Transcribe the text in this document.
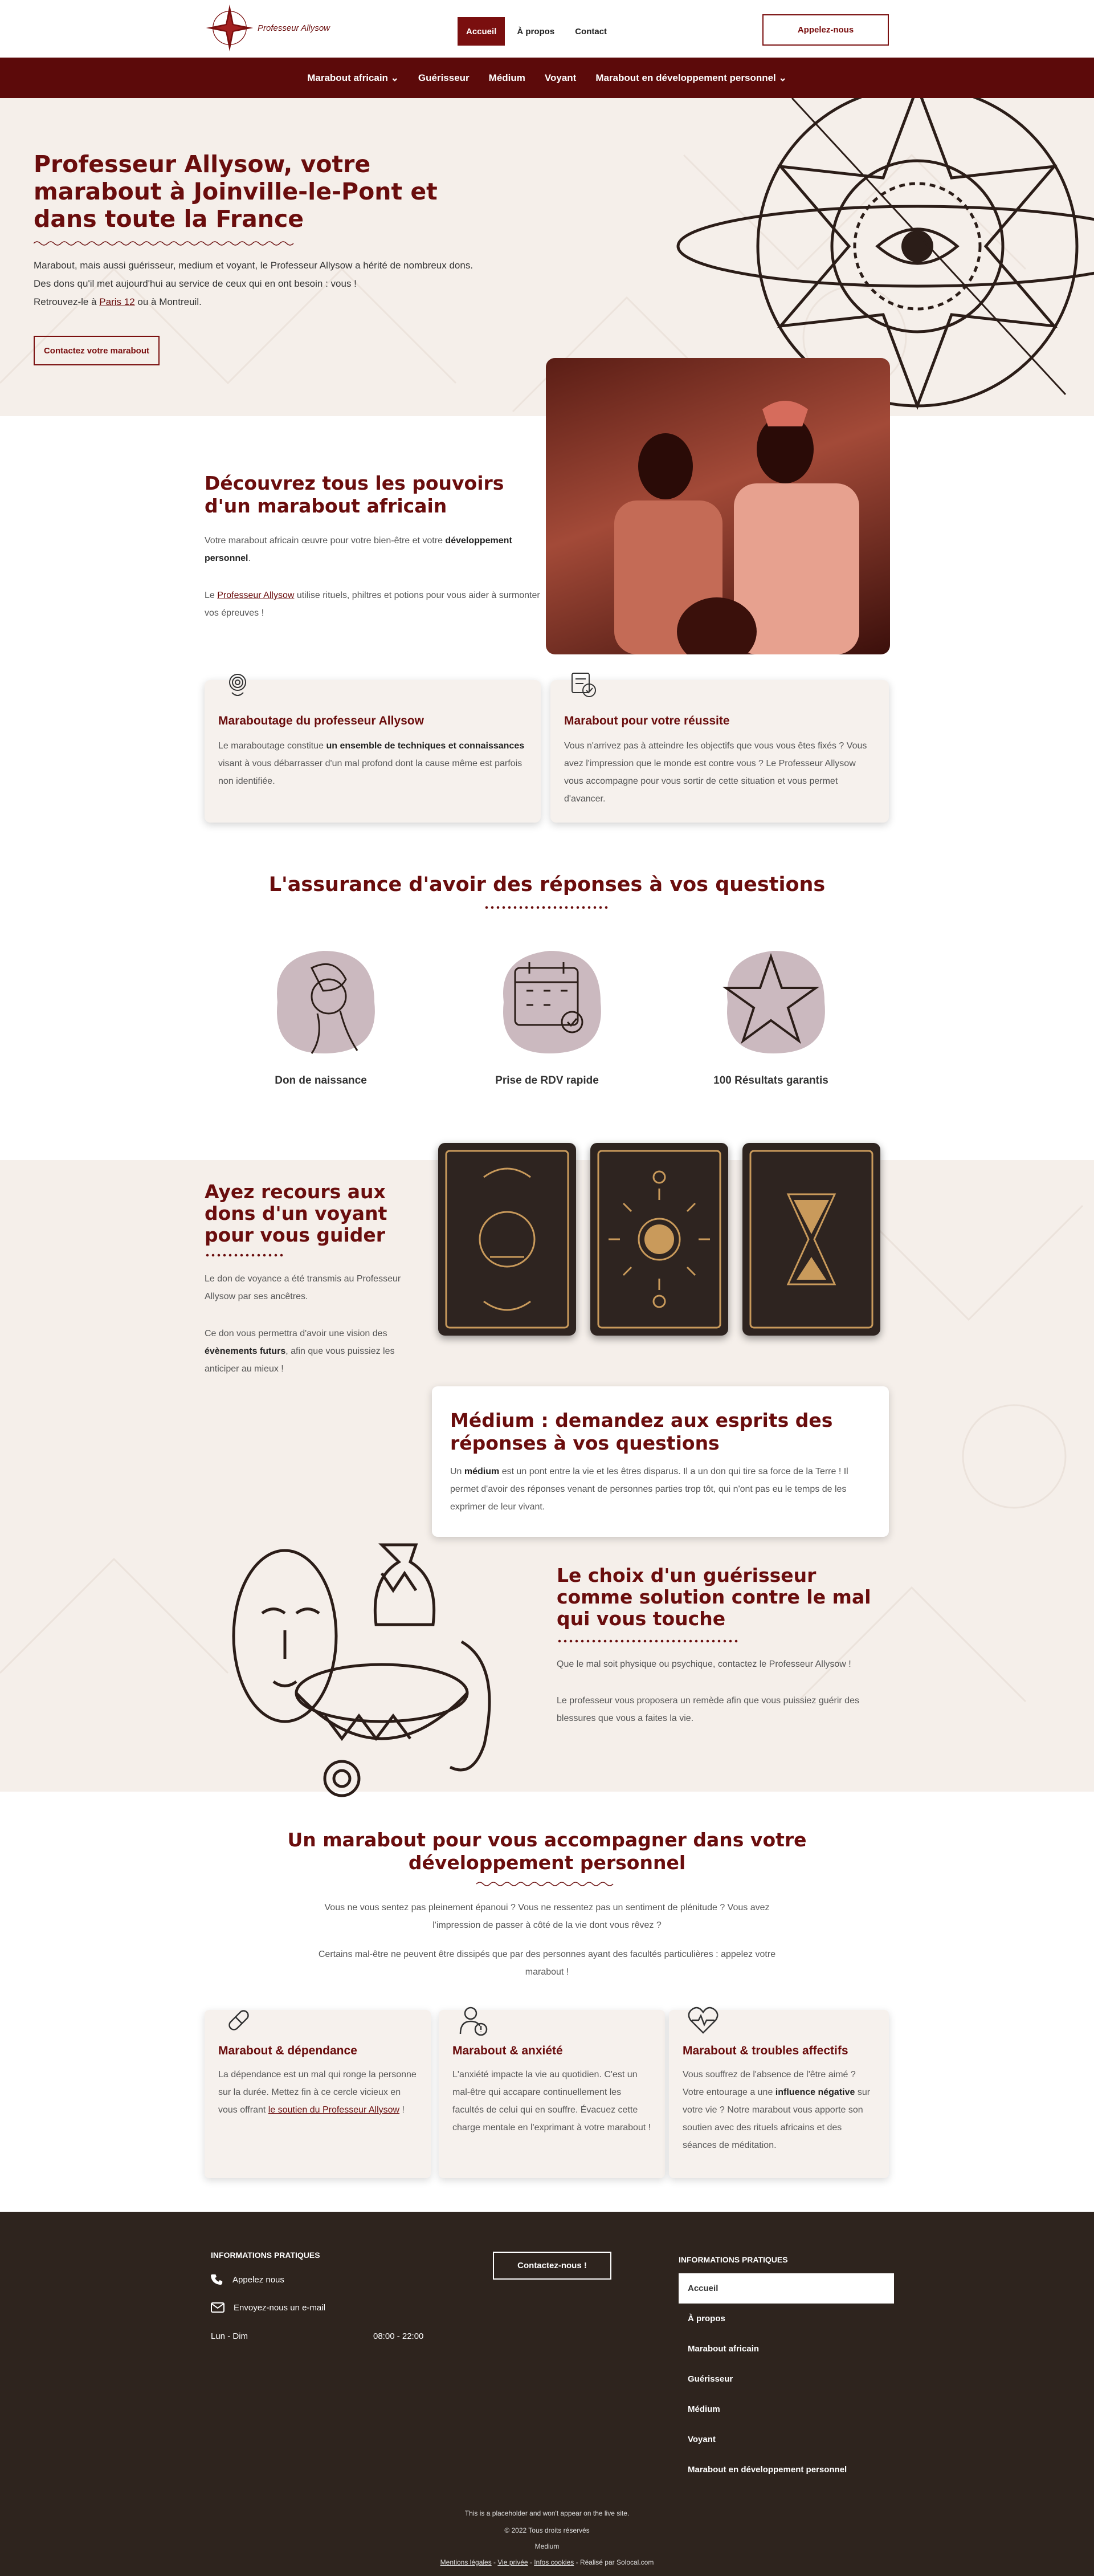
Professeur Allysow	Accueil	À propos	Contact	Appelez-nous
Marabout africain ⌄ Guérisseur Médium Voyant Marabout en développement personnel ⌄
Professeur Allysow, votre marabout à Joinville-le-Pont et dans toute la France

Marabout, mais aussi guérisseur, medium et voyant, le Professeur Allysow a hérité de nombreux dons.

Des dons qu'il met aujourd'hui au service de ceux qui en ont besoin : vous !

Retrouvez-le à Paris 12 ou à Montreuil.

Contactez votre marabout
Découvrez tous les pouvoirs d'un marabout africain

Votre marabout africain œuvre pour votre bien-être et votre développement personnel.

Le Professeur Allysow utilise rituels, philtres et potions pour vous aider à surmonter vos épreuves !

Maraboutage du professeur Allysow

Le maraboutage constitue un ensemble de techniques et connaissances visant à vous débarrasser d'un mal profond dont la cause même est parfois non identifiée.

Marabout pour votre réussite

Vous n'arrivez pas à atteindre les objectifs que vous vous êtes fixés ? Vous avez l'impression que le monde est contre vous ? Le Professeur Allysow vous accompagne pour vous sortir de cette situation et vous permet d'avancer.

L'assurance d'avoir des réponses à vos questions
Don de naissance	Prise de RDV rapide	100 Résultats garantis
Ayez recours aux dons d'un voyant pour vous guider

Le don de voyance a été transmis au Professeur Allysow par ses ancêtres.

Ce don vous permettra d'avoir une vision des évènements futurs, afin que vous puissiez les anticiper au mieux !

Médium : demandez aux esprits des réponses à vos questions

Un médium est un pont entre la vie et les êtres disparus. Il a un don qui tire sa force de la Terre ! Il permet d'avoir des réponses venant de personnes parties trop tôt, qui n'ont pas eu le temps de les exprimer de leur vivant.

Le choix d'un guérisseur comme solution contre le mal qui vous touche

Que le mal soit physique ou psychique, contactez le Professeur Allysow !

Le professeur vous proposera un remède afin que vous puissiez guérir des blessures que vous a faites la vie.

Un marabout pour vous accompagner dans votre développement personnel

Vous ne vous sentez pas pleinement épanoui ? Vous ne ressentez pas un sentiment de plénitude ? Vous avez l'impression de passer à côté de la vie dont vous rêvez ?

Certains mal-être ne peuvent être dissipés que par des personnes ayant des facultés particulières : appelez votre marabout !

Marabout & dépendance

La dépendance est un mal qui ronge la personne sur la durée. Mettez fin à ce cercle vicieux en vous offrant le soutien du Professeur Allysow !

Marabout & anxiété

L'anxiété impacte la vie au quotidien. C'est un mal-être qui accapare continuellement les facultés de celui qui en souffre. Évacuez cette charge mentale en l'exprimant à votre marabout !

Marabout & troubles affectifs

Vous souffrez de l'absence de l'être aimé ? Votre entourage a une influence négative sur votre vie ? Notre marabout vous apporte son soutien avec des rituels africains et des séances de méditation.

INFORMATIONS PRATIQUES
Appelez nous
Envoyez-nous un e-mail
Lun - Dim	08:00 - 22:00
Contactez-nous !
INFORMATIONS PRATIQUES
Accueil
À propos
Marabout africain
Guérisseur
Médium
Voyant
Marabout en développement personnel
This is a placeholder and won't appear on the live site.
© 2022 Tous droits réservés
Medium
Mentions légales - Vie privée - Infos cookies - Réalisé par Solocal.com
